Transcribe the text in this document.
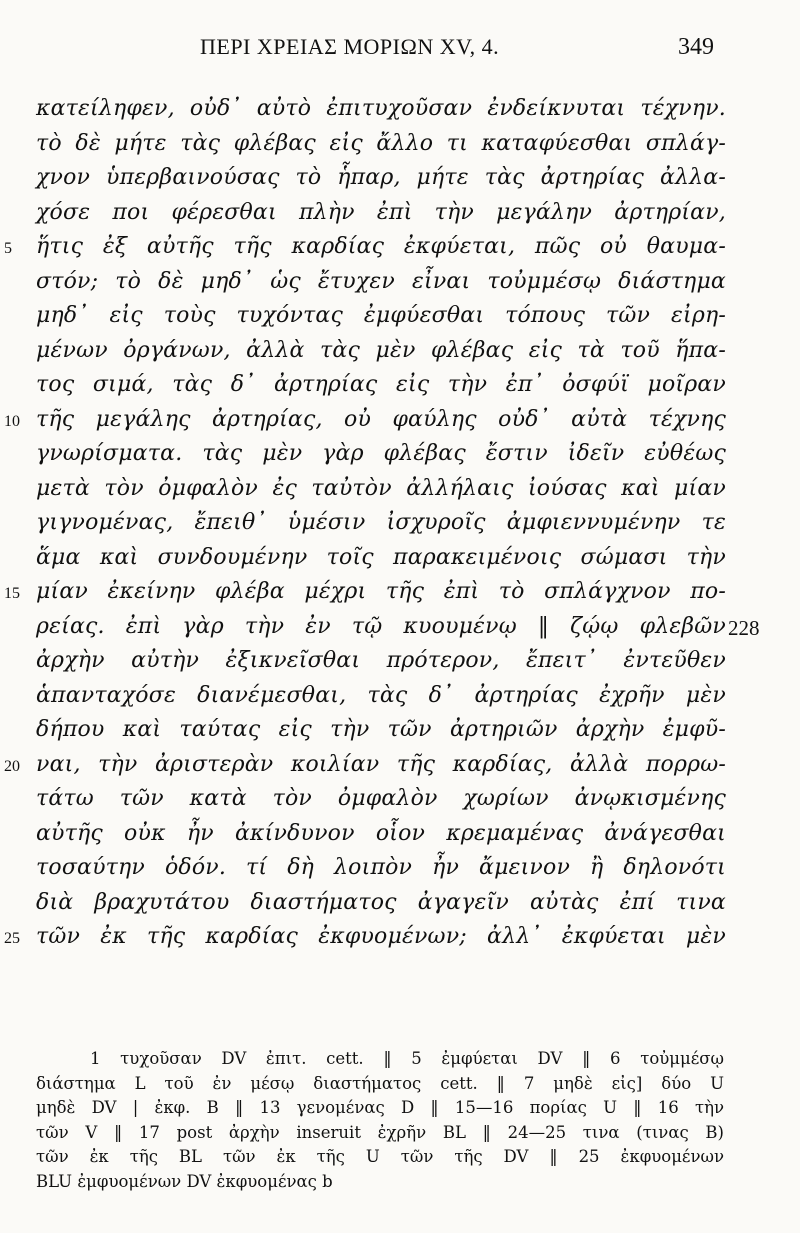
ΠΕΡΙ ΧΡΕΙΑΣ ΜΟΡΙΩΝ XV, 4.	349
κατείληφεν, οὐδ᾽ αὐτὸ ἐπιτυχοῦσαν ἐνδείκνυται τέχνην.
τὸ δὲ μήτε τὰς φλέβας εἰς ἄλλο τι καταφύεσθαι σπλάγ-
χνον ὑπερβαινούσας τὸ ἧπαρ, μήτε τὰς ἀρτηρίας ἀλλα-
χόσε ποι φέρεσθαι πλὴν ἐπὶ τὴν μεγάλην ἀρτηρίαν,
5 ἥτις ἐξ αὐτῆς τῆς καρδίας ἐκφύεται, πῶς οὐ θαυμα-
στόν; τὸ δὲ μηδ᾽ ὡς ἔτυχεν εἶναι τοὐμμέσῳ διάστημα
μηδ᾽ εἰς τοὺς τυχόντας ἐμφύεσθαι τόπους τῶν εἰρη-
μένων ὀργάνων, ἀλλὰ τὰς μὲν φλέβας εἰς τὰ τοῦ ἥπα-
τος σιμά, τὰς δ᾽ ἀρτηρίας εἰς τὴν ἐπ᾽ ὀσφύϊ μοῖραν
10 τῆς μεγάλης ἀρτηρίας, οὐ φαύλης οὐδ᾽ αὐτὰ τέχνης
γνωρίσματα. τὰς μὲν γὰρ φλέβας ἔστιν ἰδεῖν εὐθέως
μετὰ τὸν ὀμφαλὸν ἐς ταὐτὸν ἀλλήλαις ἰούσας καὶ μίαν
γιγνομένας, ἔπειθ᾽ ὑμέσιν ἰσχυροῖς ἀμφιεννυμένην τε
ἅμα καὶ συνδουμένην τοῖς παρακειμένοις σώμασι τὴν
15 μίαν ἐκείνην φλέβα μέχρι τῆς ἐπὶ τὸ σπλάγχνον πο-
ρείας. ἐπὶ γὰρ τὴν ἐν τῷ κυουμένῳ ‖ ζῴῳ φλεβῶν 228
ἀρχὴν αὐτὴν ἐξικνεῖσθαι πρότερον, ἔπειτ᾽ ἐντεῦθεν
ἁπανταχόσε διανέμεσθαι, τὰς δ᾽ ἀρτηρίας ἐχρῆν μὲν
δήπου καὶ ταύτας εἰς τὴν τῶν ἀρτηριῶν ἀρχὴν ἐμφῦ-
20 ναι, τὴν ἀριστερὰν κοιλίαν τῆς καρδίας, ἀλλὰ πορρω-
τάτω τῶν κατὰ τὸν ὀμφαλὸν χωρίων ἀνῳκισμένης
αὐτῆς οὐκ ἦν ἀκίνδυνον οἷον κρεμαμένας ἀνάγεσθαι
τοσαύτην ὁδόν. τί δὴ λοιπὸν ἦν ἄμεινον ἢ δηλονότι
διὰ βραχυτάτου διαστήματος ἀγαγεῖν αὐτὰς ἐπί τινα
25 τῶν ἐκ τῆς καρδίας ἐκφυομένων; ἀλλ᾽ ἐκφύεται μὲν
1 τυχοῦσαν DV ἐπιτ. cett. ‖ 5 ἐμφύεται DV ‖ 6 τοὐμμέσῳ
διάστημα L τοῦ ἐν μέσῳ διαστήματος cett. ‖ 7 μηδὲ εἰς] δύο U
μηδὲ DV | ἐκφ. B ‖ 13 γενομένας D ‖ 15—16 πορίας U ‖ 16 τὴν
τῶν V ‖ 17 post ἀρχὴν inseruit ἐχρῆν BL ‖ 24—25 τινα (τινας B)
τῶν ἐκ τῆς BL τῶν ἐκ τῆς U τῶν τῆς DV ‖ 25 ἐκφυομένων
BLU ἐμφυομένων DV ἐκφυομένας b
